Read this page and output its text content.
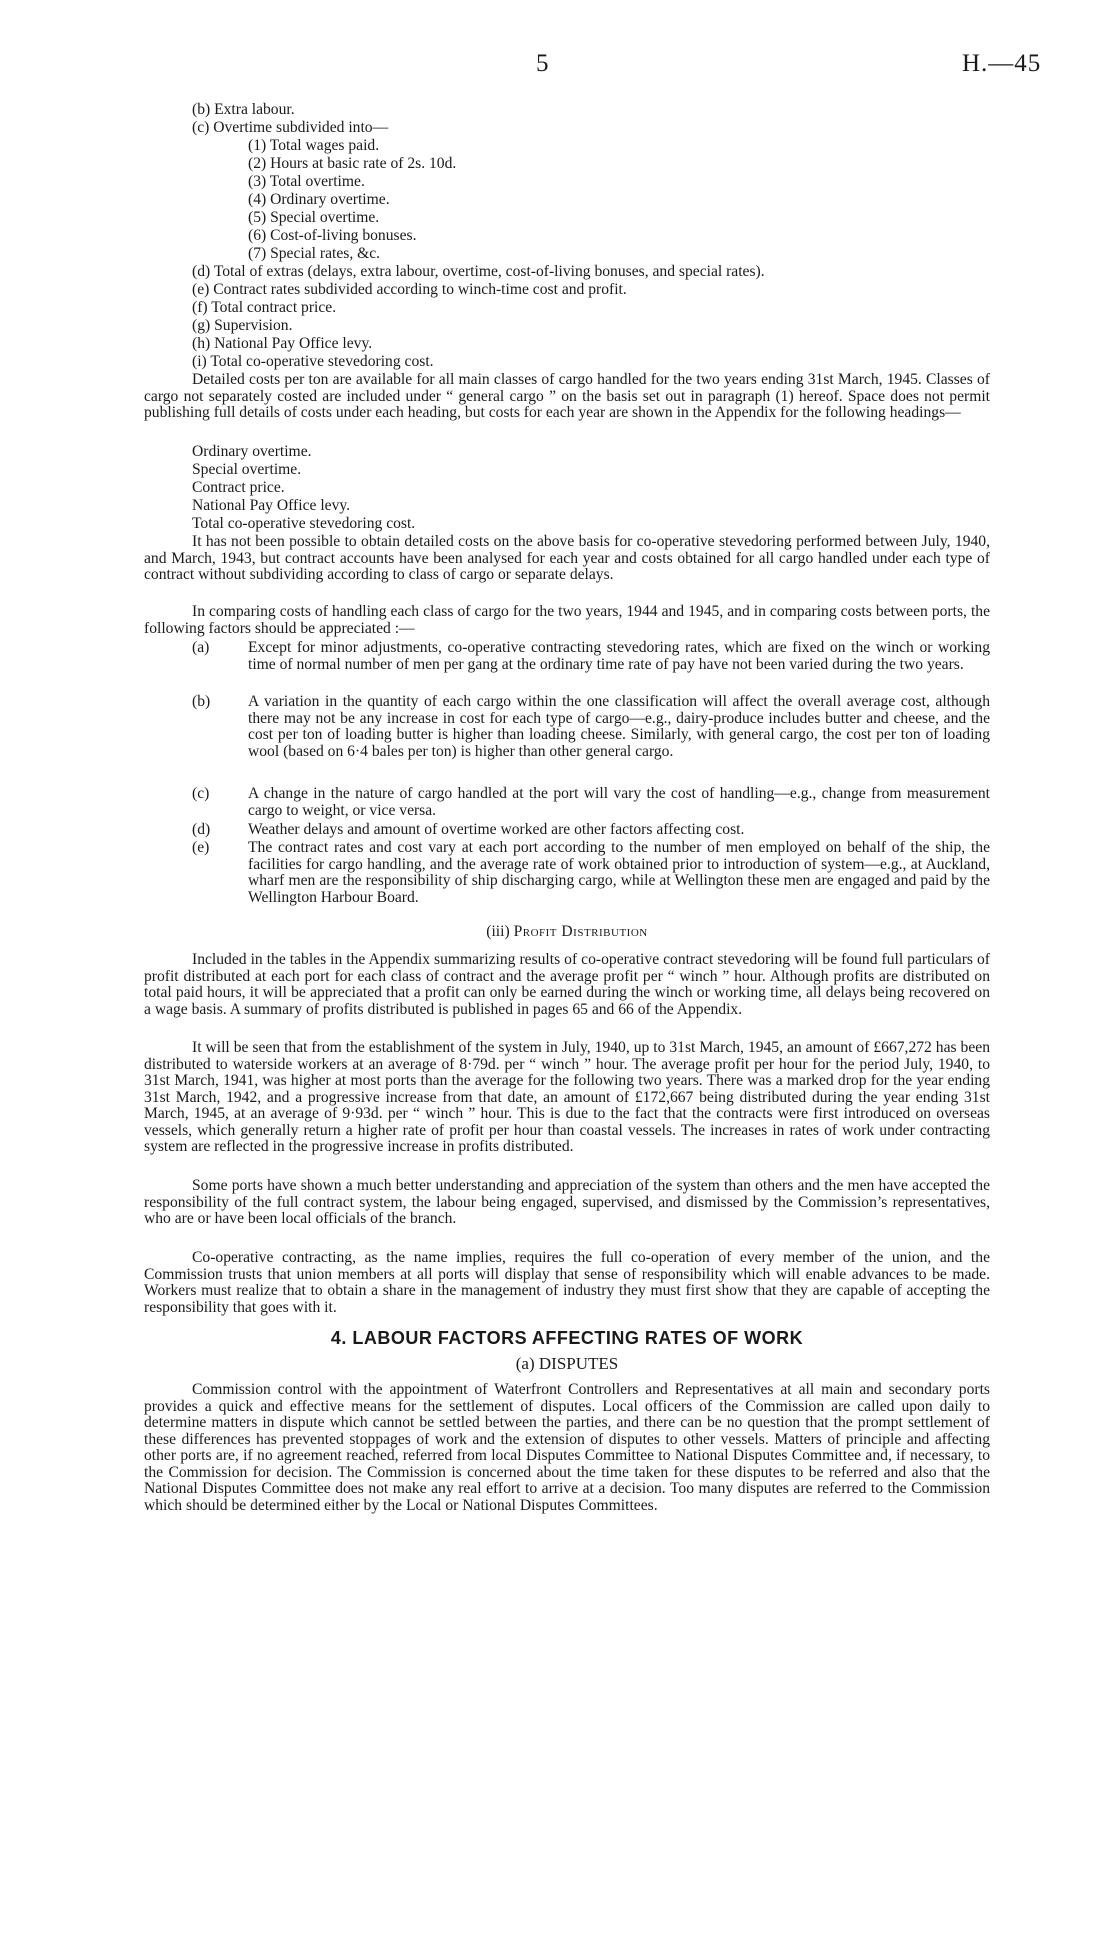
5	H.—45
(b) Extra labour.
(c) Overtime subdivided into—
(1) Total wages paid.
(2) Hours at basic rate of 2s. 10d.
(3) Total overtime.
(4) Ordinary overtime.
(5) Special overtime.
(6) Cost-of-living bonuses.
(7) Special rates, &c.
(d) Total of extras (delays, extra labour, overtime, cost-of-living bonuses, and special rates).
(e) Contract rates subdivided according to winch-time cost and profit.
(f) Total contract price.
(g) Supervision.
(h) National Pay Office levy.
(i) Total co-operative stevedoring cost.
Detailed costs per ton are available for all main classes of cargo handled for the two years ending 31st March, 1945. Classes of cargo not separately costed are included under “ general cargo ” on the basis set out in paragraph (1) hereof. Space does not permit publishing full details of costs under each heading, but costs for each year are shown in the Appendix for the following headings—
Ordinary overtime.
Special overtime.
Contract price.
National Pay Office levy.
Total co-operative stevedoring cost.
It has not been possible to obtain detailed costs on the above basis for co-operative stevedoring performed between July, 1940, and March, 1943, but contract accounts have been analysed for each year and costs obtained for all cargo handled under each type of contract without subdividing according to class of cargo or separate delays.
In comparing costs of handling each class of cargo for the two years, 1944 and 1945, and in comparing costs between ports, the following factors should be appreciated :—
(a) Except for minor adjustments, co-operative contracting stevedoring rates, which are fixed on the winch or working time of normal number of men per gang at the ordinary time rate of pay have not been varied during the two years.
(b) A variation in the quantity of each cargo within the one classification will affect the overall average cost, although there may not be any increase in cost for each type of cargo—e.g., dairy-produce includes butter and cheese, and the cost per ton of loading butter is higher than loading cheese. Similarly, with general cargo, the cost per ton of loading wool (based on 6·4 bales per ton) is higher than other general cargo.
(c) A change in the nature of cargo handled at the port will vary the cost of handling—e.g., change from measurement cargo to weight, or vice versa.
(d) Weather delays and amount of overtime worked are other factors affecting cost.
(e) The contract rates and cost vary at each port according to the number of men employed on behalf of the ship, the facilities for cargo handling, and the average rate of work obtained prior to introduction of system—e.g., at Auckland, wharf men are the responsibility of ship discharging cargo, while at Wellington these men are engaged and paid by the Wellington Harbour Board.
(iii) Profit Distribution
Included in the tables in the Appendix summarizing results of co-operative contract stevedoring will be found full particulars of profit distributed at each port for each class of contract and the average profit per “ winch ” hour. Although profits are distributed on total paid hours, it will be appreciated that a profit can only be earned during the winch or working time, all delays being recovered on a wage basis. A summary of profits distributed is published in pages 65 and 66 of the Appendix.
It will be seen that from the establishment of the system in July, 1940, up to 31st March, 1945, an amount of £667,272 has been distributed to waterside workers at an average of 8·79d. per “ winch ” hour. The average profit per hour for the period July, 1940, to 31st March, 1941, was higher at most ports than the average for the following two years. There was a marked drop for the year ending 31st March, 1942, and a progressive increase from that date, an amount of £172,667 being distributed during the year ending 31st March, 1945, at an average of 9·93d. per “ winch ” hour. This is due to the fact that the contracts were first introduced on overseas vessels, which generally return a higher rate of profit per hour than coastal vessels. The increases in rates of work under contracting system are reflected in the progressive increase in profits distributed.
Some ports have shown a much better understanding and appreciation of the system than others and the men have accepted the responsibility of the full contract system, the labour being engaged, supervised, and dismissed by the Commission’s representatives, who are or have been local officials of the branch.
Co-operative contracting, as the name implies, requires the full co-operation of every member of the union, and the Commission trusts that union members at all ports will display that sense of responsibility which will enable advances to be made. Workers must realize that to obtain a share in the management of industry they must first show that they are capable of accepting the responsibility that goes with it.
4. LABOUR FACTORS AFFECTING RATES OF WORK
(a) DISPUTES
Commission control with the appointment of Waterfront Controllers and Representatives at all main and secondary ports provides a quick and effective means for the settlement of disputes. Local officers of the Commission are called upon daily to determine matters in dispute which cannot be settled between the parties, and there can be no question that the prompt settlement of these differences has prevented stoppages of work and the extension of disputes to other vessels. Matters of principle and affecting other ports are, if no agreement reached, referred from local Disputes Committee to National Disputes Committee and, if necessary, to the Commission for decision. The Commission is concerned about the time taken for these disputes to be referred and also that the National Disputes Committee does not make any real effort to arrive at a decision. Too many disputes are referred to the Commission which should be determined either by the Local or National Disputes Committees.
